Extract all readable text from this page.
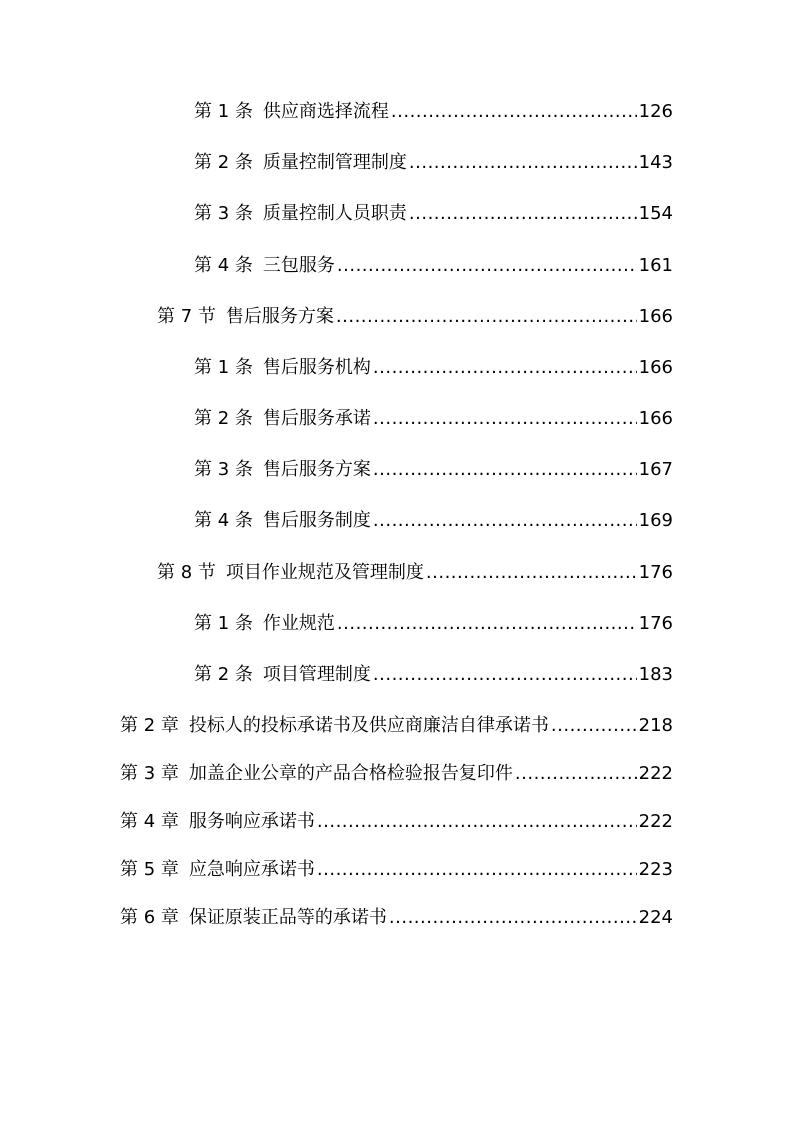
第 1 条 供应商选择流程 .....	126
第 2 条 质量控制管理制度 .....	143
第 3 条 质量控制人员职责 .....	154
第 4 条 三包服务 .....	161
第 7 节 售后服务方案 .....	166
第 1 条 售后服务机构 .....	166
第 2 条 售后服务承诺 .....	166
第 3 条 售后服务方案 .....	167
第 4 条 售后服务制度 .....	169
第 8 节 项目作业规范及管理制度 .....	176
第 1 条 作业规范 .....	176
第 2 条 项目管理制度 .....	183
第 2 章 投标人的投标承诺书及供应商廉洁自律承诺书 .....	218
第 3 章 加盖企业公章的产品合格检验报告复印件 .....	222
第 4 章 服务响应承诺书 .....	222
第 5 章 应急响应承诺书 .....	223
第 6 章 保证原装正品等的承诺书 .....	224
